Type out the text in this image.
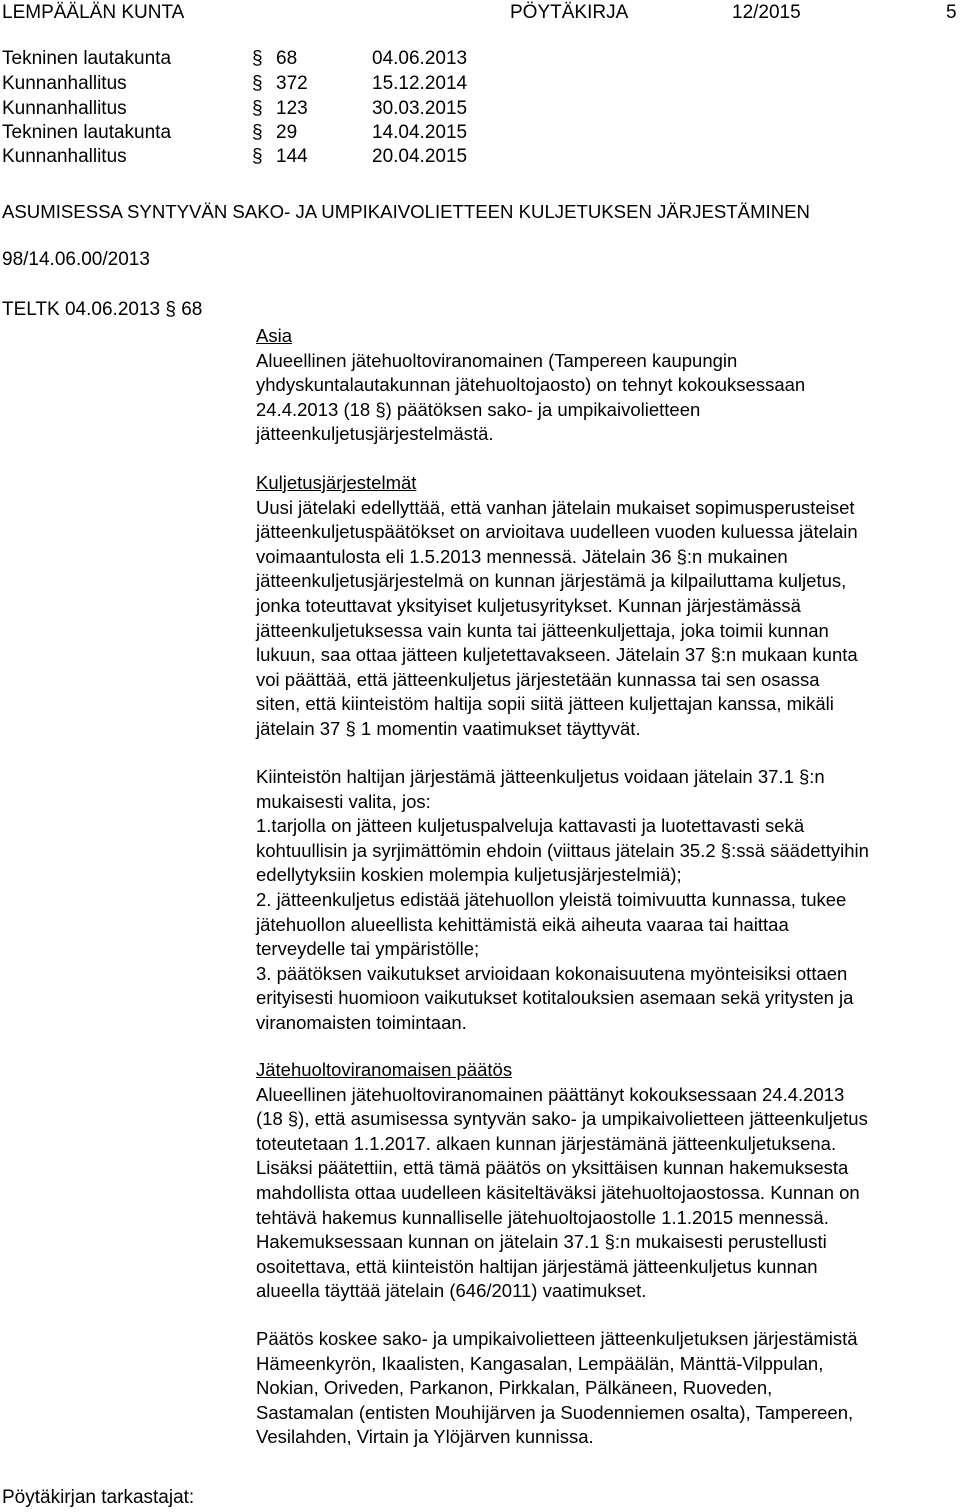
LEMPÄÄLÄN KUNTA	PÖYTÄKIRJA	12/2015	5
Tekninen lautakunta	§ 68	04.06.2013
Kunnanhallitus	§ 372	15.12.2014
Kunnanhallitus	§ 123	30.03.2015
Tekninen lautakunta	§ 29	14.04.2015
Kunnanhallitus	§ 144	20.04.2015
ASUMISESSA SYNTYVÄN SAKO- JA UMPIKAIVOLIETTEEN KULJETUKSEN JÄRJESTÄMINEN
98/14.06.00/2013
TELTK 04.06.2013 § 68

Asia

Alueellinen jätehuoltoviranomainen (Tampereen kaupungin

yhdyskuntalautakunnan jätehuoltojaosto) on tehnyt kokouksessaan

24.4.2013 (18 §) päätöksen sako- ja umpikaivolietteen

jätteenkuljetusjärjestelmästä.

Kuljetusjärjestelmät

Uusi jätelaki edellyttää, että vanhan jätelain mukaiset sopimusperusteiset

jätteenkuljetuspäätökset on arvioitava uudelleen vuoden kuluessa jätelain

voimaantulosta eli 1.5.2013 mennessä. Jätelain 36 §:n mukainen

jätteenkuljetusjärjestelmä on kunnan järjestämä ja kilpailuttama kuljetus,

jonka toteuttavat yksityiset kuljetusyritykset. Kunnan järjestämässä

jätteenkuljetuksessa vain kunta tai jätteenkuljettaja, joka toimii kunnan

lukuun, saa ottaa jätteen kuljetettavakseen. Jätelain 37 §:n mukaan kunta

voi päättää, että jätteenkuljetus järjestetään kunnassa tai sen osassa

siten, että kiinteistöm haltija sopii siitä jätteen kuljettajan kanssa, mikäli

jätelain 37 § 1 momentin vaatimukset täyttyvät.

Kiinteistön haltijan järjestämä jätteenkuljetus voidaan jätelain 37.1 §:n

mukaisesti valita, jos:

1.tarjolla on jätteen kuljetuspalveluja kattavasti ja luotettavasti sekä

kohtuullisin ja syrjimättömin ehdoin (viittaus jätelain 35.2 §:ssä säädettyihin

edellytyksiin koskien molempia kuljetusjärjestelmiä);

2. jätteenkuljetus edistää jätehuollon yleistä toimivuutta kunnassa, tukee

jätehuollon alueellista kehittämistä eikä aiheuta vaaraa tai haittaa

terveydelle tai ympäristölle;

3. päätöksen vaikutukset arvioidaan kokonaisuutena myönteisiksi ottaen

erityisesti huomioon vaikutukset kotitalouksien asemaan sekä yritysten ja

viranomaisten toimintaan.

Jätehuoltoviranomaisen päätös

Alueellinen jätehuoltoviranomainen päättänyt kokouksessaan 24.4.2013

(18 §), että asumisessa syntyvän sako- ja umpikaivolietteen jätteenkuljetus

toteutetaan 1.1.2017. alkaen kunnan järjestämänä jätteenkuljetuksena.

Lisäksi päätettiin, että tämä päätös on yksittäisen kunnan hakemuksesta

mahdollista ottaa uudelleen käsiteltäväksi jätehuoltojaostossa. Kunnan on

tehtävä hakemus kunnalliselle jätehuoltojaostolle 1.1.2015 mennessä.

Hakemuksessaan kunnan on jätelain 37.1 §:n mukaisesti perustellusti

osoitettava, että kiinteistön haltijan järjestämä jätteenkuljetus kunnan

alueella täyttää jätelain (646/2011) vaatimukset.

Päätös koskee sako- ja umpikaivolietteen jätteenkuljetuksen järjestämistä

Hämeenkyrön, Ikaalisten, Kangasalan, Lempäälän, Mänttä-Vilppulan,

Nokian, Oriveden, Parkanon, Pirkkalan, Pälkäneen, Ruoveden,

Sastamalan (entisten Mouhijärven ja Suodenniemen osalta), Tampereen,

Vesilahden, Virtain ja Ylöjärven kunnissa.

Pöytäkirjan tarkastajat:
